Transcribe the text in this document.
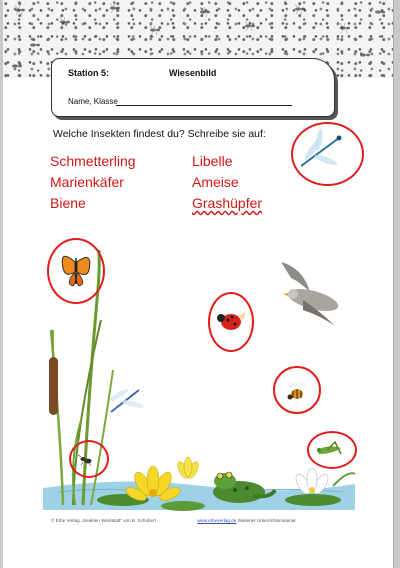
Station 5:	Wiesenbild
Name, Klasse
Welche Insekten findest du? Schreibe sie auf:
Schmetterling
Marienkäfer
Biene
Libelle
Ameise
Grashüpfer
© Erbe Verlag „Insekten Werkstatt“ von B. Schubert	www.erbeverlag.de Weiteres Unterrichtsmaterial
